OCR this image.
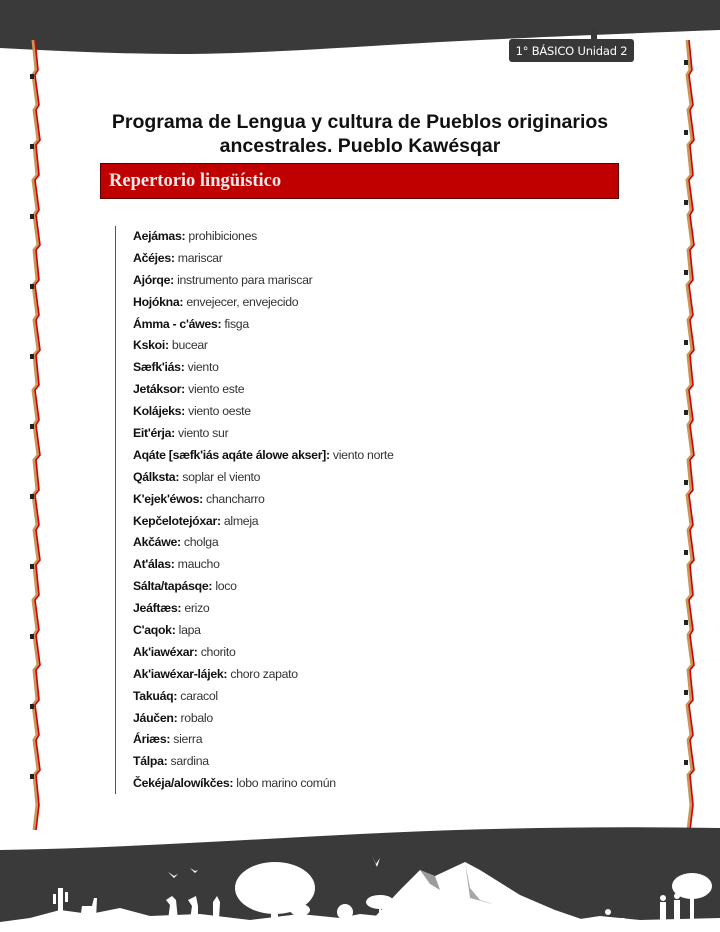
1° BÁSICO Unidad 2
Programa de Lengua y cultura de Pueblos originarios
ancestrales. Pueblo Kawésqar
Repertorio lingüístico
Aejámas: prohibiciones
Ačéjes: mariscar
Ajórqe: instrumento para mariscar
Hojókna: envejecer, envejecido
Ámma - c'áwes: fisga
Kskoi: bucear
Sæfk'iás: viento
Jetáksor: viento este
Kolájeks: viento oeste
Eit'érja: viento sur
Aqáte [sæfk'iás aqáte álowe akser]: viento norte
Qálksta: soplar el viento
K'ejek'éwos: chancharro
Kepčelotejóxar: almeja
Akčáwe: cholga
At'álas: maucho
Sálta/tapásqe: loco
Jeáftæs: erizo
C'aqok: lapa
Ak'iawéxar: chorito
Ak'iawéxar-lájek: choro zapato
Takuáq: caracol
Jáučen: robalo
Áriæs: sierra
Tálpa: sardina
Čekéja/alowíkčes: lobo marino común
